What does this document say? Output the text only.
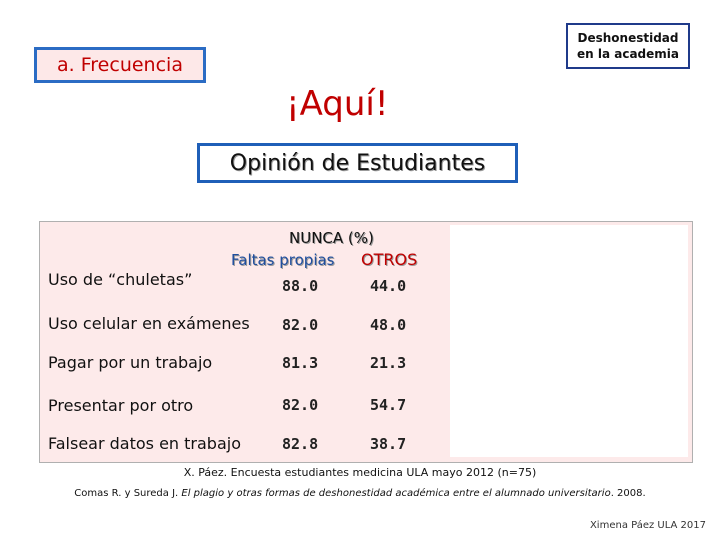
a. Frecuencia
Deshonestidad
en la academia
¡Aquí!
Opinión de Estudiantes
NUNCA (%)
Faltas propias OTROS
Uso de “chuletas”	88.0	44.0
Uso celular en exámenes 82.0	48.0
Pagar por un trabajo	81.3	21.3
Presentar por otro	82.0	54.7
Falsear datos en trabajo	82.8	38.7
X. Páez. Encuesta estudiantes medicina ULA mayo 2012 (n=75)
Comas R. y Sureda J. El plagio y otras formas de deshonestidad académica entre el alumnado universitario. 2008.
Ximena Páez ULA 2017
